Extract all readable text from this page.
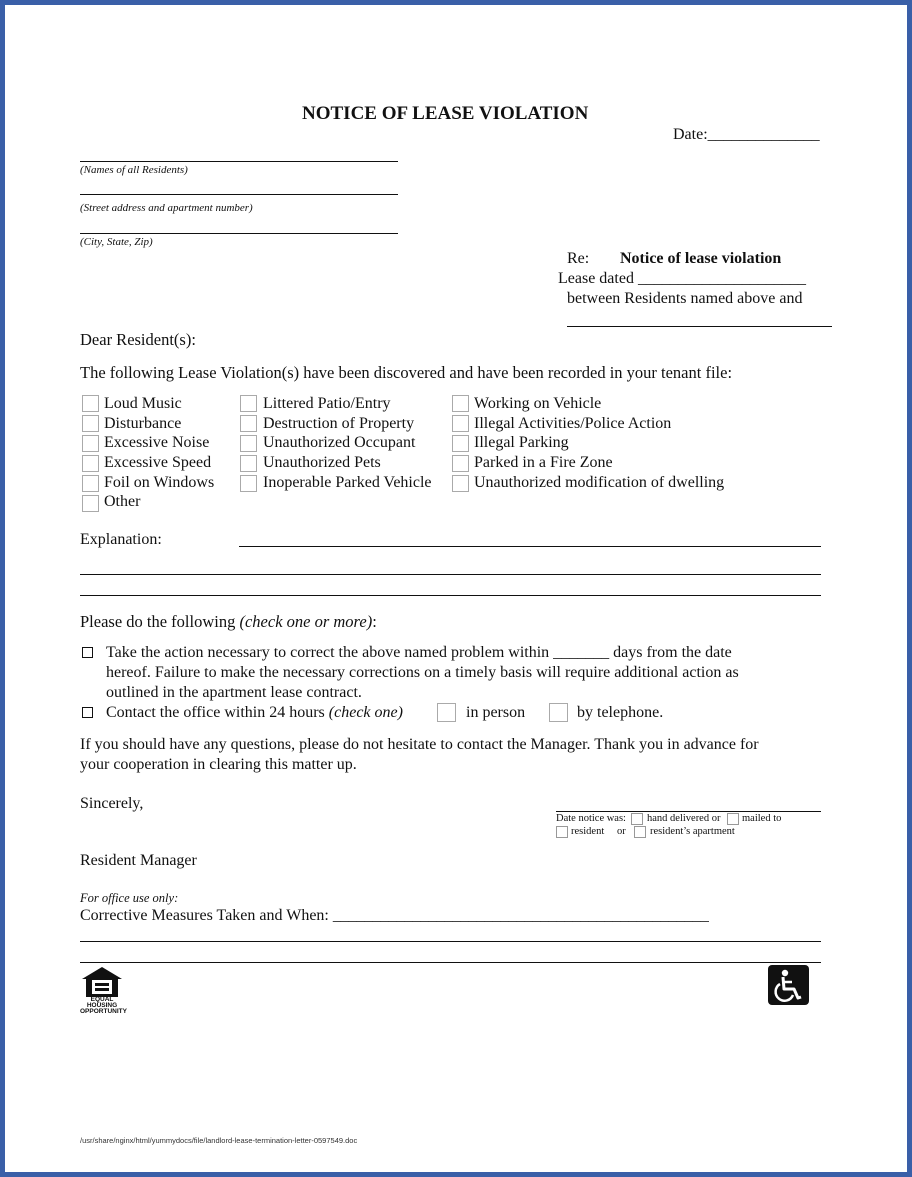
NOTICE OF LEASE VIOLATION
Date:______________
(Names of all Residents)
(Street address and apartment number)
(City, State, Zip)
Re: Notice of lease violation
Lease dated _____________________
between Residents named above and
Dear Resident(s):
The following Lease Violation(s) have been discovered and have been recorded in your tenant file:
Loud Music
Disturbance
Excessive Noise
Excessive Speed
Foil on Windows
Other
Littered Patio/Entry
Destruction of Property
Unauthorized Occupant
Unauthorized Pets
Inoperable Parked Vehicle
Working on Vehicle
Illegal Activities/Police Action
Illegal Parking
Parked in a Fire Zone
Unauthorized modification of dwelling
Explanation:
Please do the following (check one or more):
Take the action necessary to correct the above named problem within _______ days from the date
hereof. Failure to make the necessary corrections on a timely basis will require additional action as
outlined in the apartment lease contract.
Contact the office within 24 hours (check one)	in person	by telephone.
If you should have any questions, please do not hesitate to contact the Manager. Thank you in advance for
your cooperation in clearing this matter up.
Sincerely,
Date notice was: hand delivered or mailed to
resident or resident’s apartment
Resident Manager
For office use only:
Corrective Measures Taken and When: _______________________________________________
EQUAL HOUSING OPPORTUNITY
/usr/share/nginx/html/yummydocs/file/landlord-lease-termination-letter-0597549.doc
